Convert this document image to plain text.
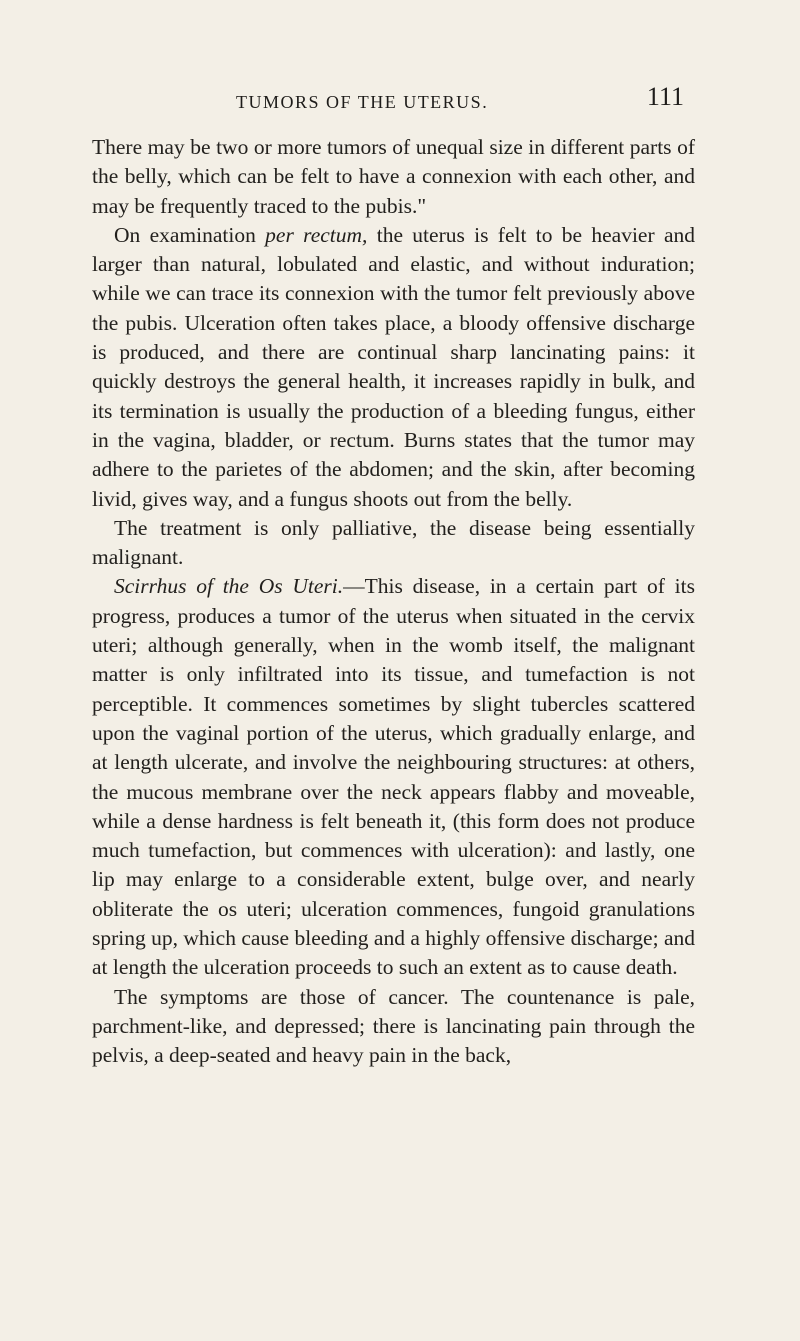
TUMORS OF THE UTERUS.	111

There may be two or more tumors of unequal size in different parts of the belly, which can be felt to have a connexion with each other, and may be frequently traced to the pubis."

On examination per rectum, the uterus is felt to be heavier and larger than natural, lobulated and elastic, and without induration; while we can trace its connexion with the tumor felt previously above the pubis. Ulceration often takes place, a bloody offensive discharge is produced, and there are continual sharp lancinating pains: it quickly destroys the general health, it increases rapidly in bulk, and its termination is usually the production of a bleeding fungus, either in the vagina, bladder, or rectum. Burns states that the tumor may adhere to the parietes of the abdomen; and the skin, after becoming livid, gives way, and a fungus shoots out from the belly.

The treatment is only palliative, the disease being essentially malignant.

Scirrhus of the Os Uteri.—This disease, in a certain part of its progress, produces a tumor of the uterus when situated in the cervix uteri; although generally, when in the womb itself, the malignant matter is only infiltrated into its tissue, and tumefaction is not perceptible. It commences sometimes by slight tubercles scattered upon the vaginal portion of the uterus, which gradually enlarge, and at length ulcerate, and involve the neighbouring structures: at others, the mucous membrane over the neck appears flabby and moveable, while a dense hardness is felt beneath it, (this form does not produce much tumefaction, but commences with ulceration): and lastly, one lip may enlarge to a considerable extent, bulge over, and nearly obliterate the os uteri; ulceration commences, fungoid granulations spring up, which cause bleeding and a highly offensive discharge; and at length the ulceration proceeds to such an extent as to cause death.

The symptoms are those of cancer. The countenance is pale, parchment-like, and depressed; there is lancinating pain through the pelvis, a deep-seated and heavy pain in the back,
